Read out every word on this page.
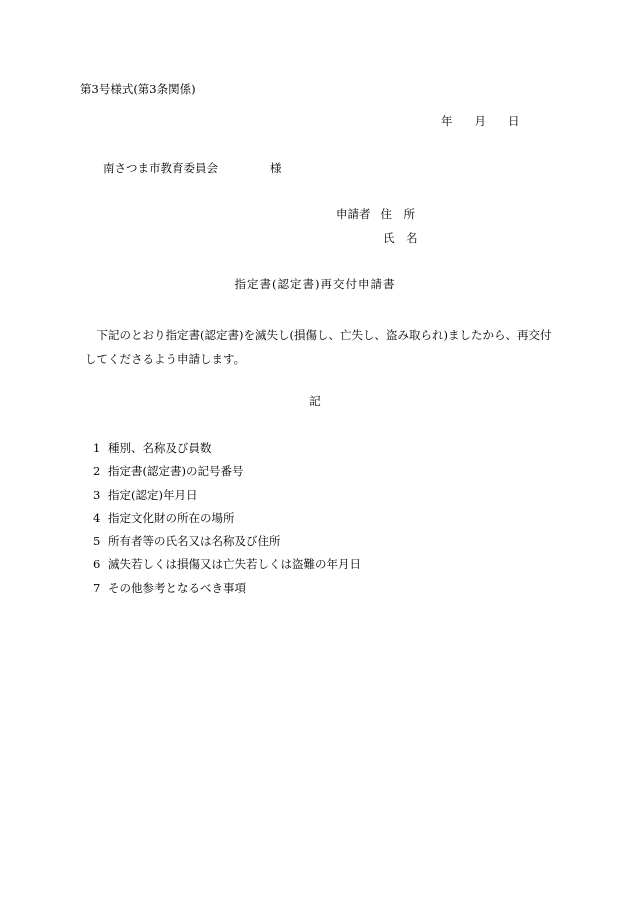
第3号様式(第3条関係)
年 月 日
南さつま市教育委員会	様
申請者 住　所
氏　名
指定書(認定書)再交付申請書
下記のとおり指定書(認定書)を滅失し(損傷し、亡失し、盗み取られ)ましたから、再交付してくださるよう申請します。
記
1 種別、名称及び員数
2 指定書(認定書)の記号番号
3 指定(認定)年月日
4 指定文化財の所在の場所
5 所有者等の氏名又は名称及び住所
6 滅失若しくは損傷又は亡失若しくは盗難の年月日
7 その他参考となるべき事項
